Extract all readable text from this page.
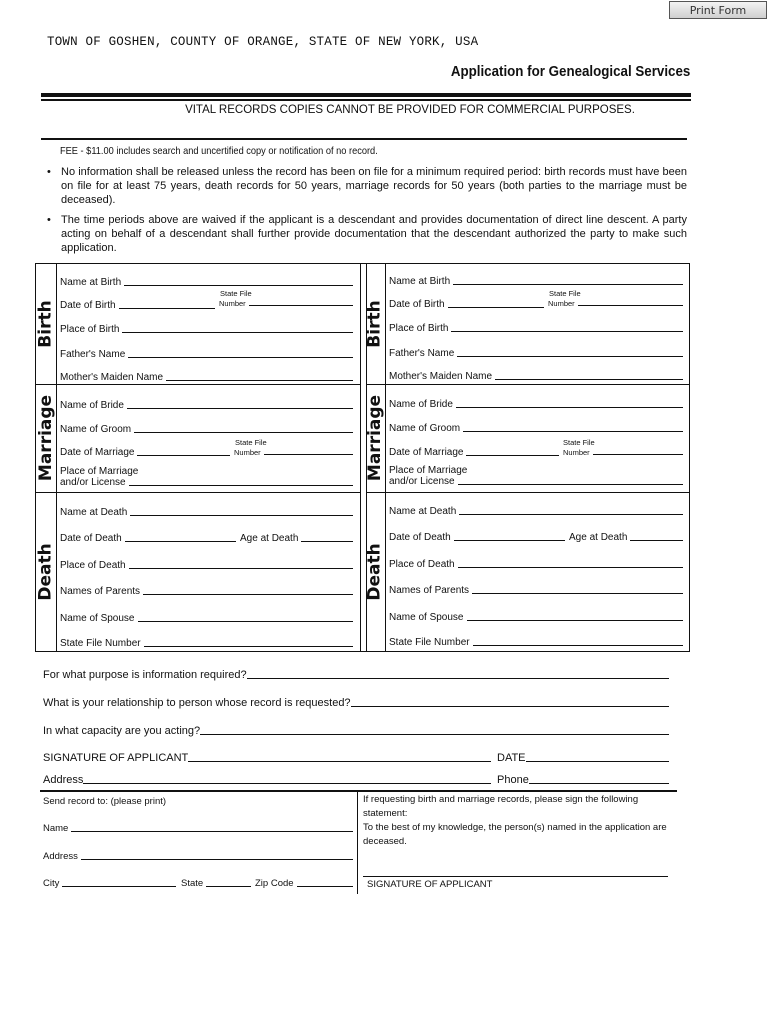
Print Form
TOWN OF GOSHEN, COUNTY OF ORANGE, STATE OF NEW YORK, USA
Application for Genealogical Services
VITAL RECORDS COPIES CANNOT BE PROVIDED FOR COMMERCIAL PURPOSES.
FEE - $11.00 includes search and uncertified copy or notification of no record.
• No information shall be released unless the record has been on file for a minimum required period: birth records must have been on file for at least 75 years, death records for 50 years, marriage records for 50 years (both parties to the marriage must be deceased).

• The time periods above are waived if the applicant is a descendant and provides documentation of direct line descent. A party acting on behalf of a descendant shall further provide documentation that the descendant authorized the party to make such application.

Birth
Marriage
Death
Birth
Marriage
Death
Name at Birth
State File
Date of Birth	Number
Place of Birth
Father's Name
Mother's Maiden Name
Name of Bride
Name of Groom
State File
Date of Marriage	Number
Place of Marriage
and/or License
Name at Death
Date of Death	Age at Death
Place of Death
Names of Parents
Name of Spouse
State File Number
Name at Birth
State File
Date of Birth	Number
Place of Birth
Father's Name
Mother's Maiden Name
Name of Bride
Name of Groom
State File
Date of Marriage	Number
Place of Marriage
and/or License
Name at Death
Date of Death	Age at Death
Place of Death
Names of Parents
Name of Spouse
State File Number
For what purpose is information required?
What is your relationship to person whose record is requested?
In what capacity are you acting?
SIGNATURE OF APPLICANT	DATE
Address	Phone
Send record to: (please print)
Name
Address
City	State	Zip Code
If requesting birth and marriage records, please sign the following statement:
To the best of my knowledge, the person(s) named in the application are deceased.
SIGNATURE OF APPLICANT
